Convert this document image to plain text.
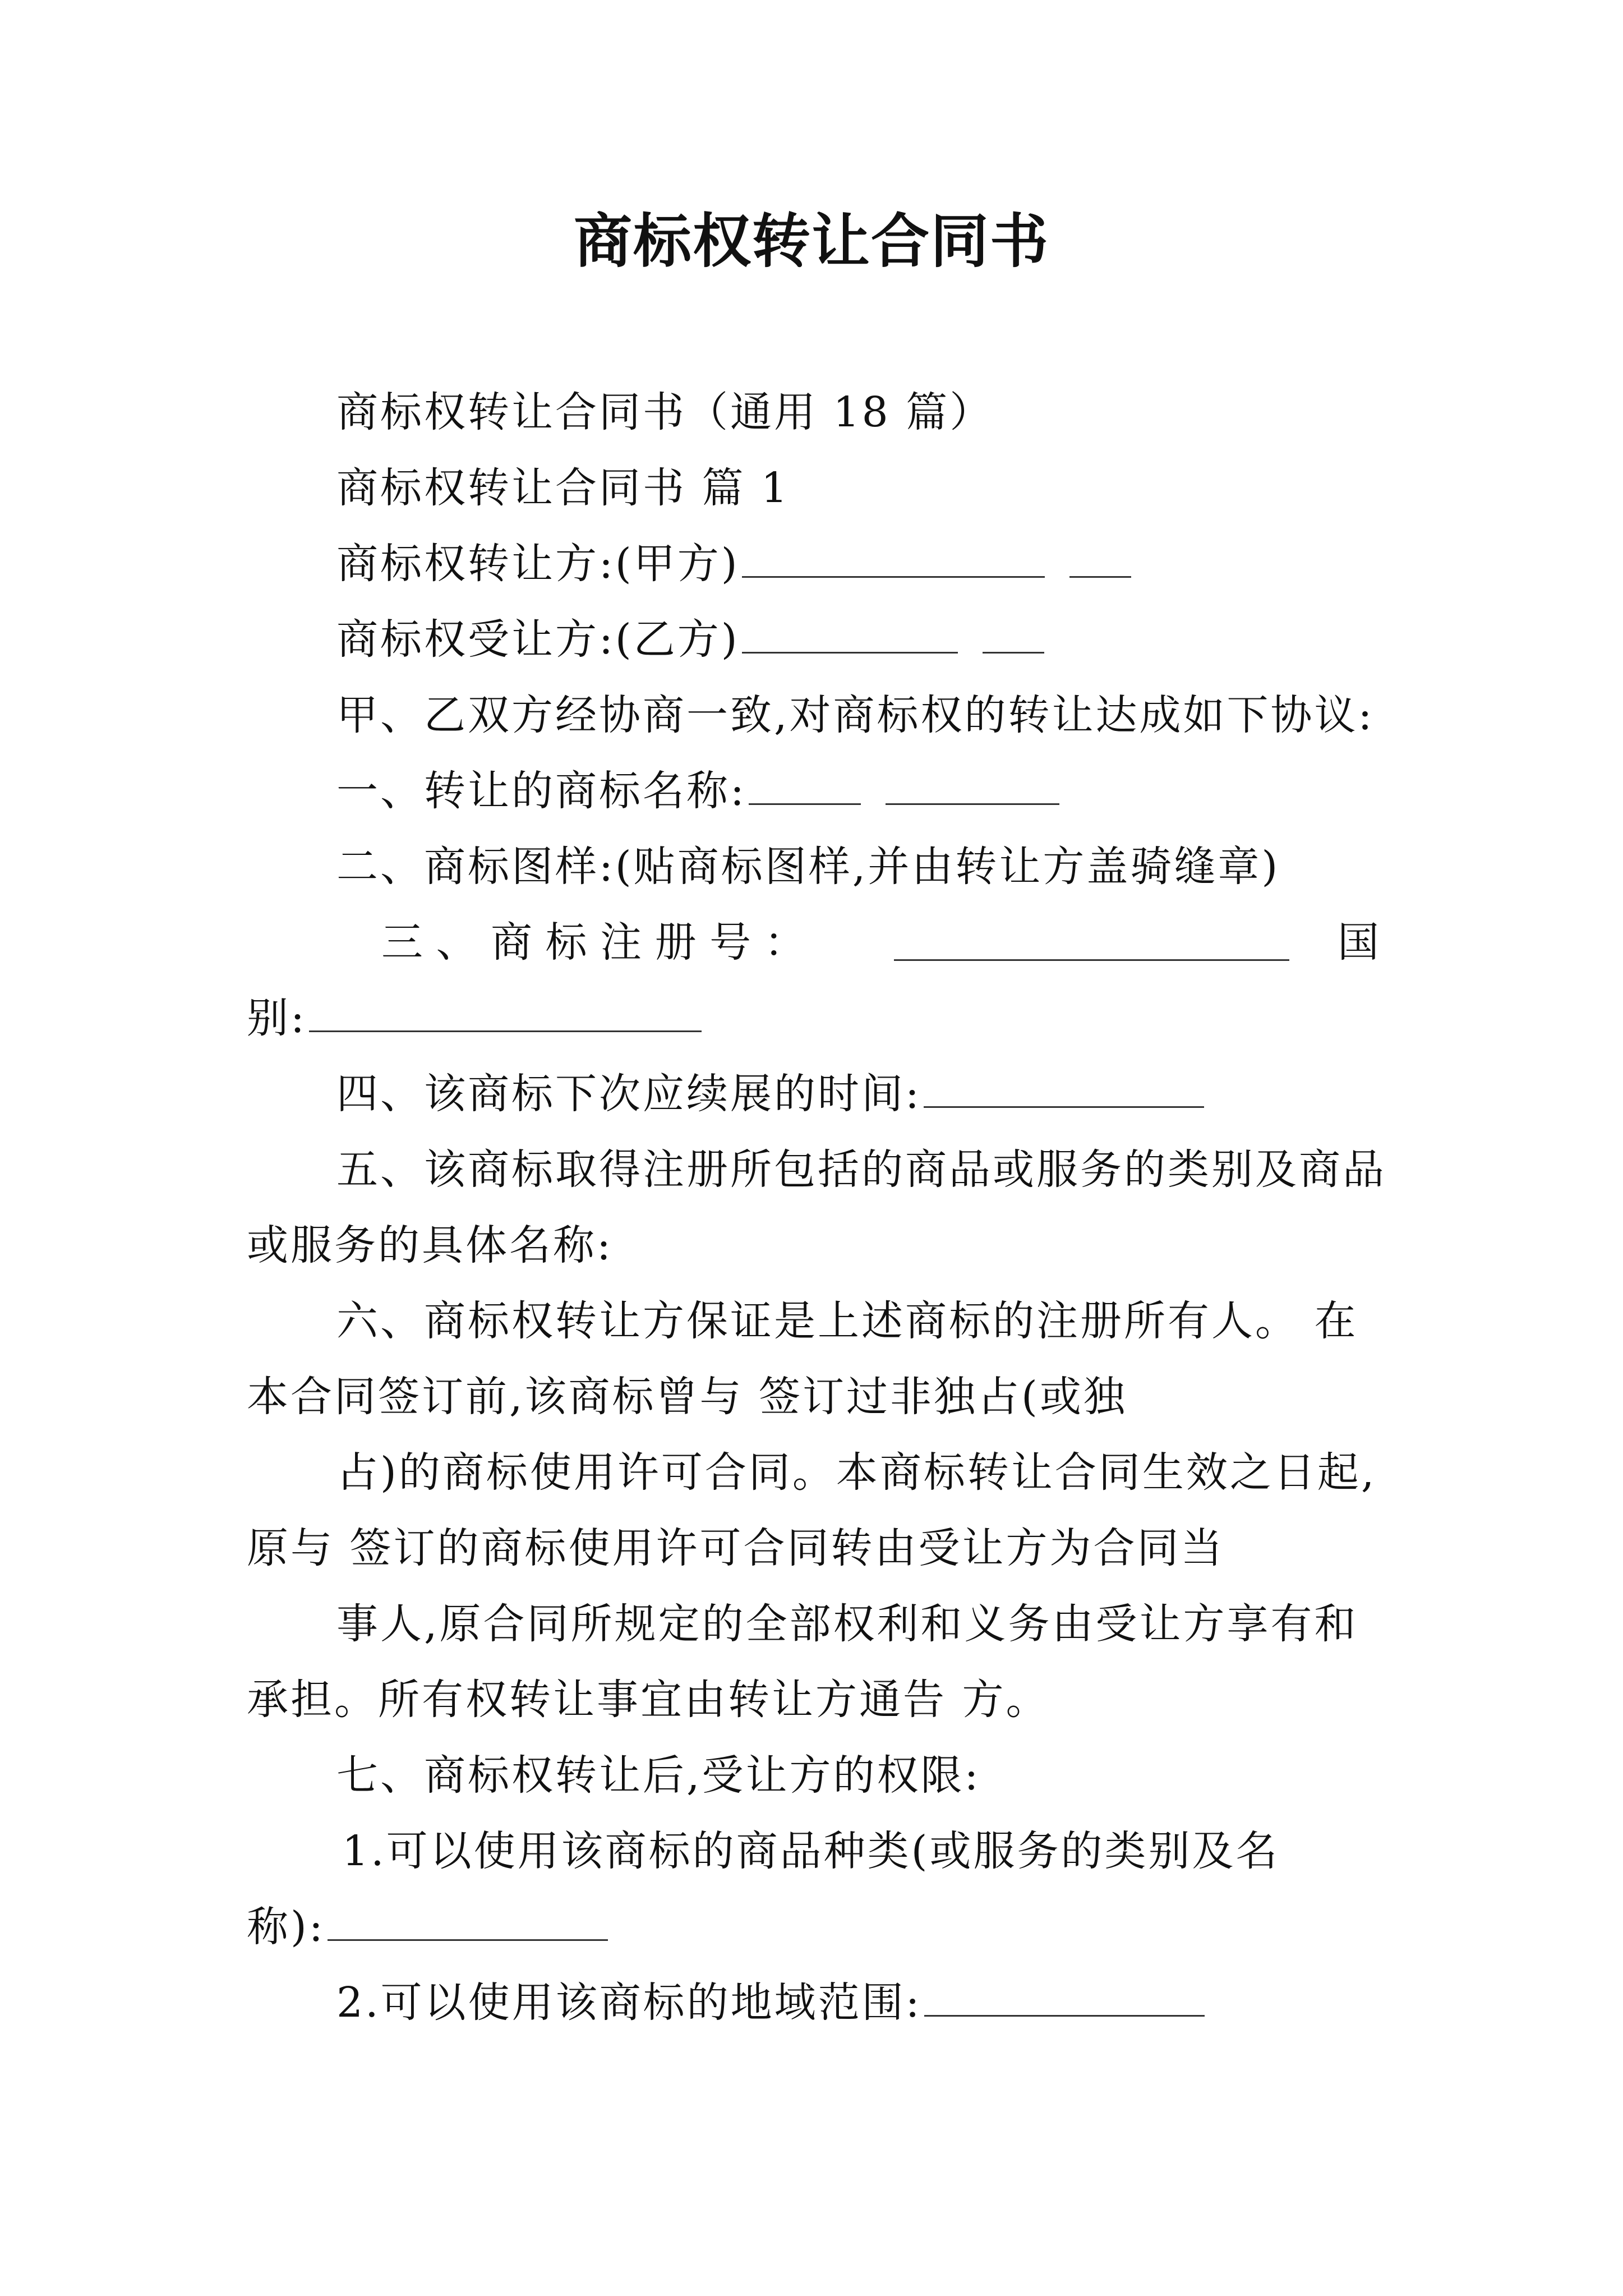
商标权转让合同书
商标权转让合同书（通用 18 篇）
商标权转让合同书 篇 1
商标权转让方:(甲方)
商标权受让方:(乙方)
甲、乙双方经协商一致,对商标权的转让达成如下协议:
一、转让的商标名称:
二、商标图样:(贴商标图样,并由转让方盖骑缝章)
三 、 商 标 注 册 号 ：	国
别:
四、该商标下次应续展的时间:
五、该商标取得注册所包括的商品或服务的类别及商品
或服务的具体名称:
六、商标权转让方保证是上述商标的注册所有人。 在
本合同签订前,该商标曾与 签订过非独占(或独
占)的商标使用许可合同。本商标转让合同生效之日起,
原与 签订的商标使用许可合同转由受让方为合同当
事人,原合同所规定的全部权利和义务由受让方享有和
承担。所有权转让事宜由转让方通告 方。
七、商标权转让后,受让方的权限:
1.可以使用该商标的商品种类(或服务的类别及名
称):
2.可以使用该商标的地域范围:
